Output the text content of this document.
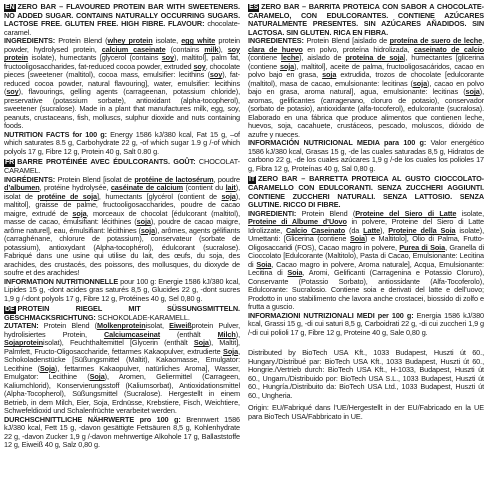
EN ZERO BAR – FLAVOURED PROTEIN BAR WITH SWEETENERS. NO ADDED SUGAR. CONTAINS NATURALLY OCCURRING SUGARS. LACTOSE FREE. GLUTEN FREE. HIGH FIBRE. FLAVOUR: chocolate-caramel.

INGREDIENTS: Protein Blend (whey protein isolate, egg white protein powder, hydrolysed protein, calcium caseinate (contains milk), soy protein isolate), humectants [glycerol (contains soy), maltitol], palm fat, fructooligosaccharides, fat-reduced cocoa powder, extruded soy, chocolate pieces [sweetener (maltitol), cocoa mass, emulsifier: lecithins (soy), fat-reduced cocoa powder, natural flavouring], water, emulsifier: lecithins (soy), flavourings, gelling agents (carrageenan, potassium chloride), preservative (potassium sorbate), antioxidant (alpha-tocopherol), sweetener (sucralose). Made in a plant that manufactures milk, egg, soy, peanuts, crustaceans, fish, molluscs, sulphur dioxide and nuts containing foods.

NUTRITION FACTS for 100 g: Energy 1586 kJ/380 kcal, Fat 15 g, –of which saturates 8.5 g, Carbohydrate 22 g, -of which sugar 1.9 g /-of which polyols 17 g, Fibre 12 g, Protein 40 g, Salt 0.80 g.

FR BARRE PROTÉINÉE AVEC ÉDULCORANTS. GOÛT: CHOCOLAT-CARAMEL.

INGRÉDIENTS: Protein Blend [isolat de protéine de lactosérum, poudre d’albumen, protéine hydrolysée, caséinate de calcium (contient du lait), isolat de protéine de soja], humectants [glycérol (contient de soja), maltitol], graisse de palme, fructooligosaccharides, poudre de cacao maigre, extrudé de soja, morceaux de chocolat [édulcorant (maltitol), masse de cacao, émulsifiant: lécithines (soja), poudre de cacao maigre, arôme naturel], eau, émulsifiant: lécithines (soja), arômes, agents gélifiants (carraghénane, chlorure de potassium), conservateur (sorbate de potassium), antioxydant (Alpha-tocophérol), édulcorant (sucralose). Fabriqué dans une usine qui utilise du lait, des œufs, du soja, des arachides, des crustacés, des poissons, des mollusques, du dioxyde de soufre et des arachides!

INFORMATION NUTRITIONNELLE pour 100 g: Energie 1586 kJ/380 kcal, Lipides 15 g, -dont acides gras saturés 8,5 g, Glucides 22 g, -dont sucres 1,9 g /-dont polyols 17 g, Fibre 12 g, Protéines 40 g, Sel 0,80 g.

DE PROTEIN RIEGEL MIT SÜSSUNGSMITTELN. GESCHMACKSRICHTUNG: SCHOKOLADE-KARAMELL.

ZUTATEN: Protein Blend (Molkenproteinisolat, Eiweißprotein Pulver, hydrolisiertes Protein, Calciumcaseinat (enthält Milch), Sojaproteinisolat), Feuchthaltemittel [Glycerin (enthält Soja), Maltit], Palmfett, Fructo-Oligosaccharide, fettarmes Kakaopulver, extrudierte Soja, Schokoladenstücke [Süßungsmittel (Maltit), Kakaomasse, Emulgator: Lecithine (Soja), fettarmes Kakaopulver, natürliches Aroma], Wasser, Emulgator: Lecithine (Soja), Aromen, Geliermittel (Carrageen, Kaliumchlorid), Konservierungsstoff (Kaliumsorbat), Antioxidationsmittel (Alpha-Tocopherol), Süßungsmittel (Sucralose). Hergestellt in einem Betrieb, in dem Milch, Eier, Soja, Erdnüsse, Krebstiere, Fisch, Weichtiere, Schwefeldioxid und Schalenfrüchte verarbeitet werden.

DURCHSCHNITTLICHE NÄHRWERTE pro 100 g: Brennwert 1586 kJ/380 kcal, Fett 15 g, -davon gesättigte Fettsäuren 8,5 g, Kohlenhydrate 22 g, -davon Zucker 1,9 g /-davon mehrwertige Alkohole 17 g, Ballaststoffe 12 g, Eiweiß 40 g, Salz 0,80 g.

ES ZERO BAR – BARRITA PROTEICA CON SABOR A CHOCOLATE-CARAMELO, CON EDULCORANTES. CONTIENE AZÚCARES NATURALMENTE PRESENTES. SIN AZÚCARES AÑADIDOS. SIN LACTOSA. SIN GLUTEN. RICA EN FIBRA.

INGREDIENTES: Protein Blend [aislado de proteína de suero de leche, clara de huevo en polvo, proteína hidrolizada, caseinato de calcio (contiene leche), aislado de proteína de soja], humectantes [glicerina (contiene soja), maltitol], aceite de palma, fructooligosacáridos, cacao en polvo bajo en grasa, soja extrudida, trozos de chocolate [edulcorante (maltitol), masa de cacao, emulsionante: lecitinas (soja), cacao en polvo bajo en grasa, aroma natural], agua, emulsionante: lecitinas (soja), aromas, gelificantes (carragenano, cloruro de potasio), conservador (sorbato de potasio), antioxidante (alfa-tocoferol), edulcorante (sucralosa). Elaborado en una fábrica que produce alimentos que contienen leche, huevos, soja, cacahuete, crustáceos, pescado, moluscos, dióxido de azufre y nueces.

INFORMACIÓN NUTRICIONAL MEDIA para 100 g: Valor energético 1586 kJ/380 kcal, Grasas 15 g, -de las cuales saturadas 8,5 g, Hidratos de carbono 22 g, -de los cuales azúcares 1,9 g /-de los cuales los polioles 17 g, Fibra 12 g, Proteínas 40 g, Sal 0,80 g.

IT ZERO BAR – BARRETTA PROTEICA AL GUSTO CIOCCOLATO-CARAMELLO CON EDULCORANTI. SENZA ZUCCHERI AGGIUNTI. CONTIENE ZUCCHERI NATURALI. SENZA LATTOSIO. SENZA GLUTINE. RICCO DI FIBRE.

INGREDIENTI: Protein Blend (Proteine del Siero di Latte isolate, Proteine di Albume d’Uovo in polvere, Proteine del Siero di Latte Idrolizzate, Calcio Caseinato (da Latte), Proteine della Soia isolate), Umettanti: [Glicerina (contiene Soia) e Maltitolo], Olio di Palma, Frutto-Oligosaccaridi (FOS), Cacao magro in polvere, Purea di Soia, Granella di Cioccolato [Edulcorante (Maltitolo), Pasta di Cacao, Emulsionante: Lecitina di Soia, Cacao magro in polvere, Aroma naturale], Acqua, Emulsionante: Lecitina di Soia, Aromi, Gelificanti (Carragenina e Potassio Cloruro), Conservante (Potassio Sorbato), antiossidante (Alfa-Tocoferolo), Edulcorante: Sucralosio. Contiene soia e derivati del latte e dell’uovo; Prodotto in uno stabilimento che lavora anche crostacei, biossido di zolfo e frutta a guscio.

INFORMAZIONI NUTRIZIONALI MEDI per 100 g: Energia 1586 kJ/380 kcal, Grassi 15 g, -di cui saturi 8,5 g, Carboidrati 22 g, -di cui zuccheri 1,9 g /-di cui polioli 17 g, Fibre 12 g, Proteine 40 g, Sale 0,80 g.

Distributed by BioTech USA Kft., 1033 Budapest, Huszti út 60., Hungary./Distribué par: BioTech USA Kft., 1033 Budapest, Huszti út 60., Hongrie./Vertrieb durch: BioTech USA Kft., H-1033, Budapest, Huszti út 60., Ungarn./Distribuido por: BioTech USA S.L., 1033 Budapest, Huszti út 60., Hungría./Distribuito da: BioTech USA Ltd., 1033 Budapest, Huszti út 60., Ungheria.

Origin: EU/Fabriqué dans l’UE/Hergestellt in der EU/Fabricado en la UE para BioTech USA/Fabbricato in UE.
